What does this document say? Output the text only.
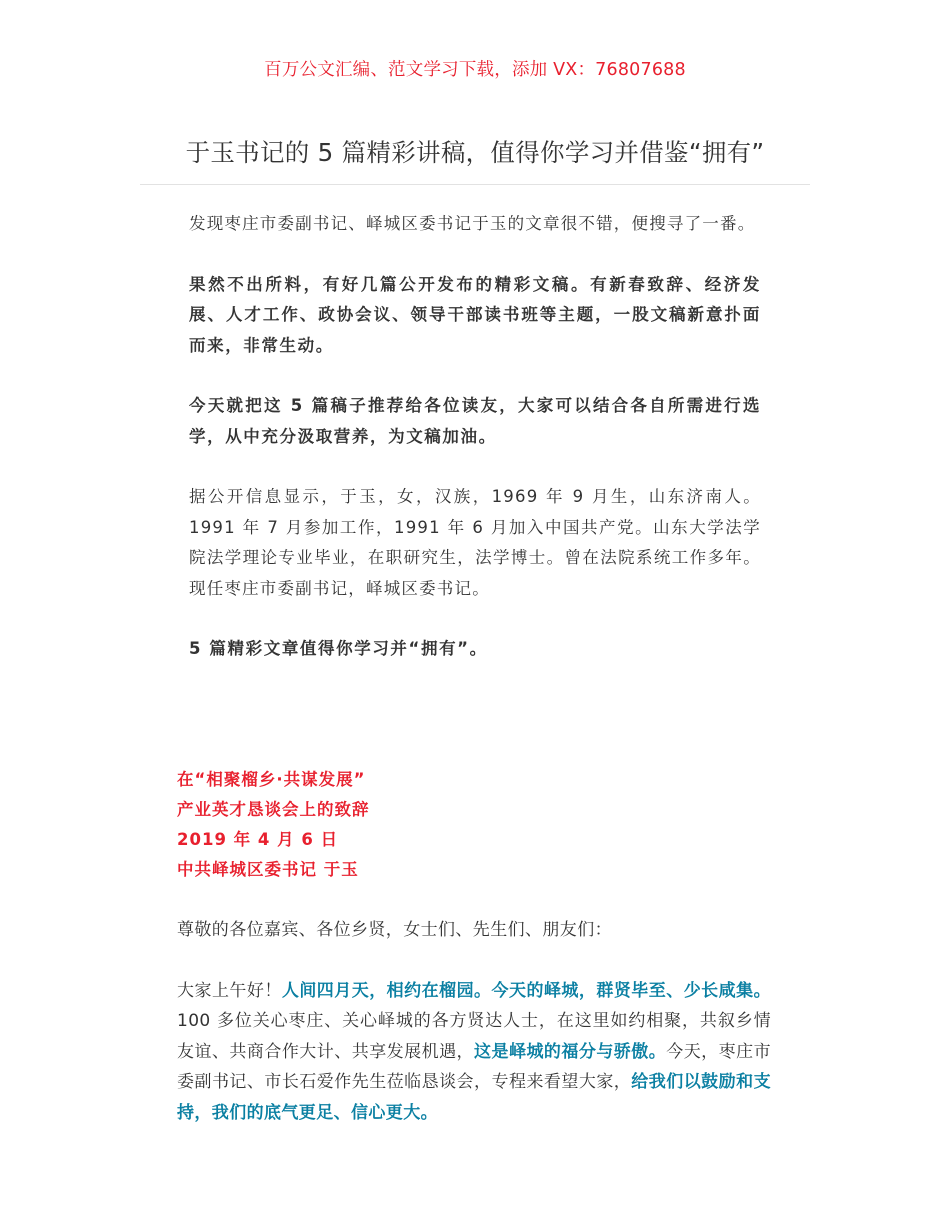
百万公文汇编、范文学习下载，添加 VX：76807688
于玉书记的 5 篇精彩讲稿，值得你学习并借鉴“拥有”

发现枣庄市委副书记、峄城区委书记于玉的文章很不错，便搜寻了一番。

果然不出所料，有好几篇公开发布的精彩文稿。有新春致辞、经济发展、人才工作、政协会议、领导干部读书班等主题，一股文稿新意扑面而来，非常生动。

今天就把这 5 篇稿子推荐给各位读友，大家可以结合各自所需进行选学，从中充分汲取营养，为文稿加油。

据公开信息显示，于玉，女，汉族，1969 年 9 月生，山东济南人。1991 年 7 月参加工作，1991 年 6 月加入中国共产党。山东大学法学院法学理论专业毕业，在职研究生，法学博士。曾在法院系统工作多年。现任枣庄市委副书记，峄城区委书记。

5 篇精彩文章值得你学习并“拥有”。

在“相聚榴乡·共谋发展”
产业英才恳谈会上的致辞
2019 年 4 月 6 日
中共峄城区委书记 于玉

尊敬的各位嘉宾、各位乡贤，女士们、先生们、朋友们：

大家上午好！人间四月天，相约在榴园。今天的峄城，群贤毕至、少长咸集。100 多位关心枣庄、关心峄城的各方贤达人士，在这里如约相聚，共叙乡情友谊、共商合作大计、共享发展机遇，这是峄城的福分与骄傲。今天，枣庄市委副书记、市长石爱作先生莅临恳谈会，专程来看望大家，给我们以鼓励和支持，我们的底气更足、信心更大。
